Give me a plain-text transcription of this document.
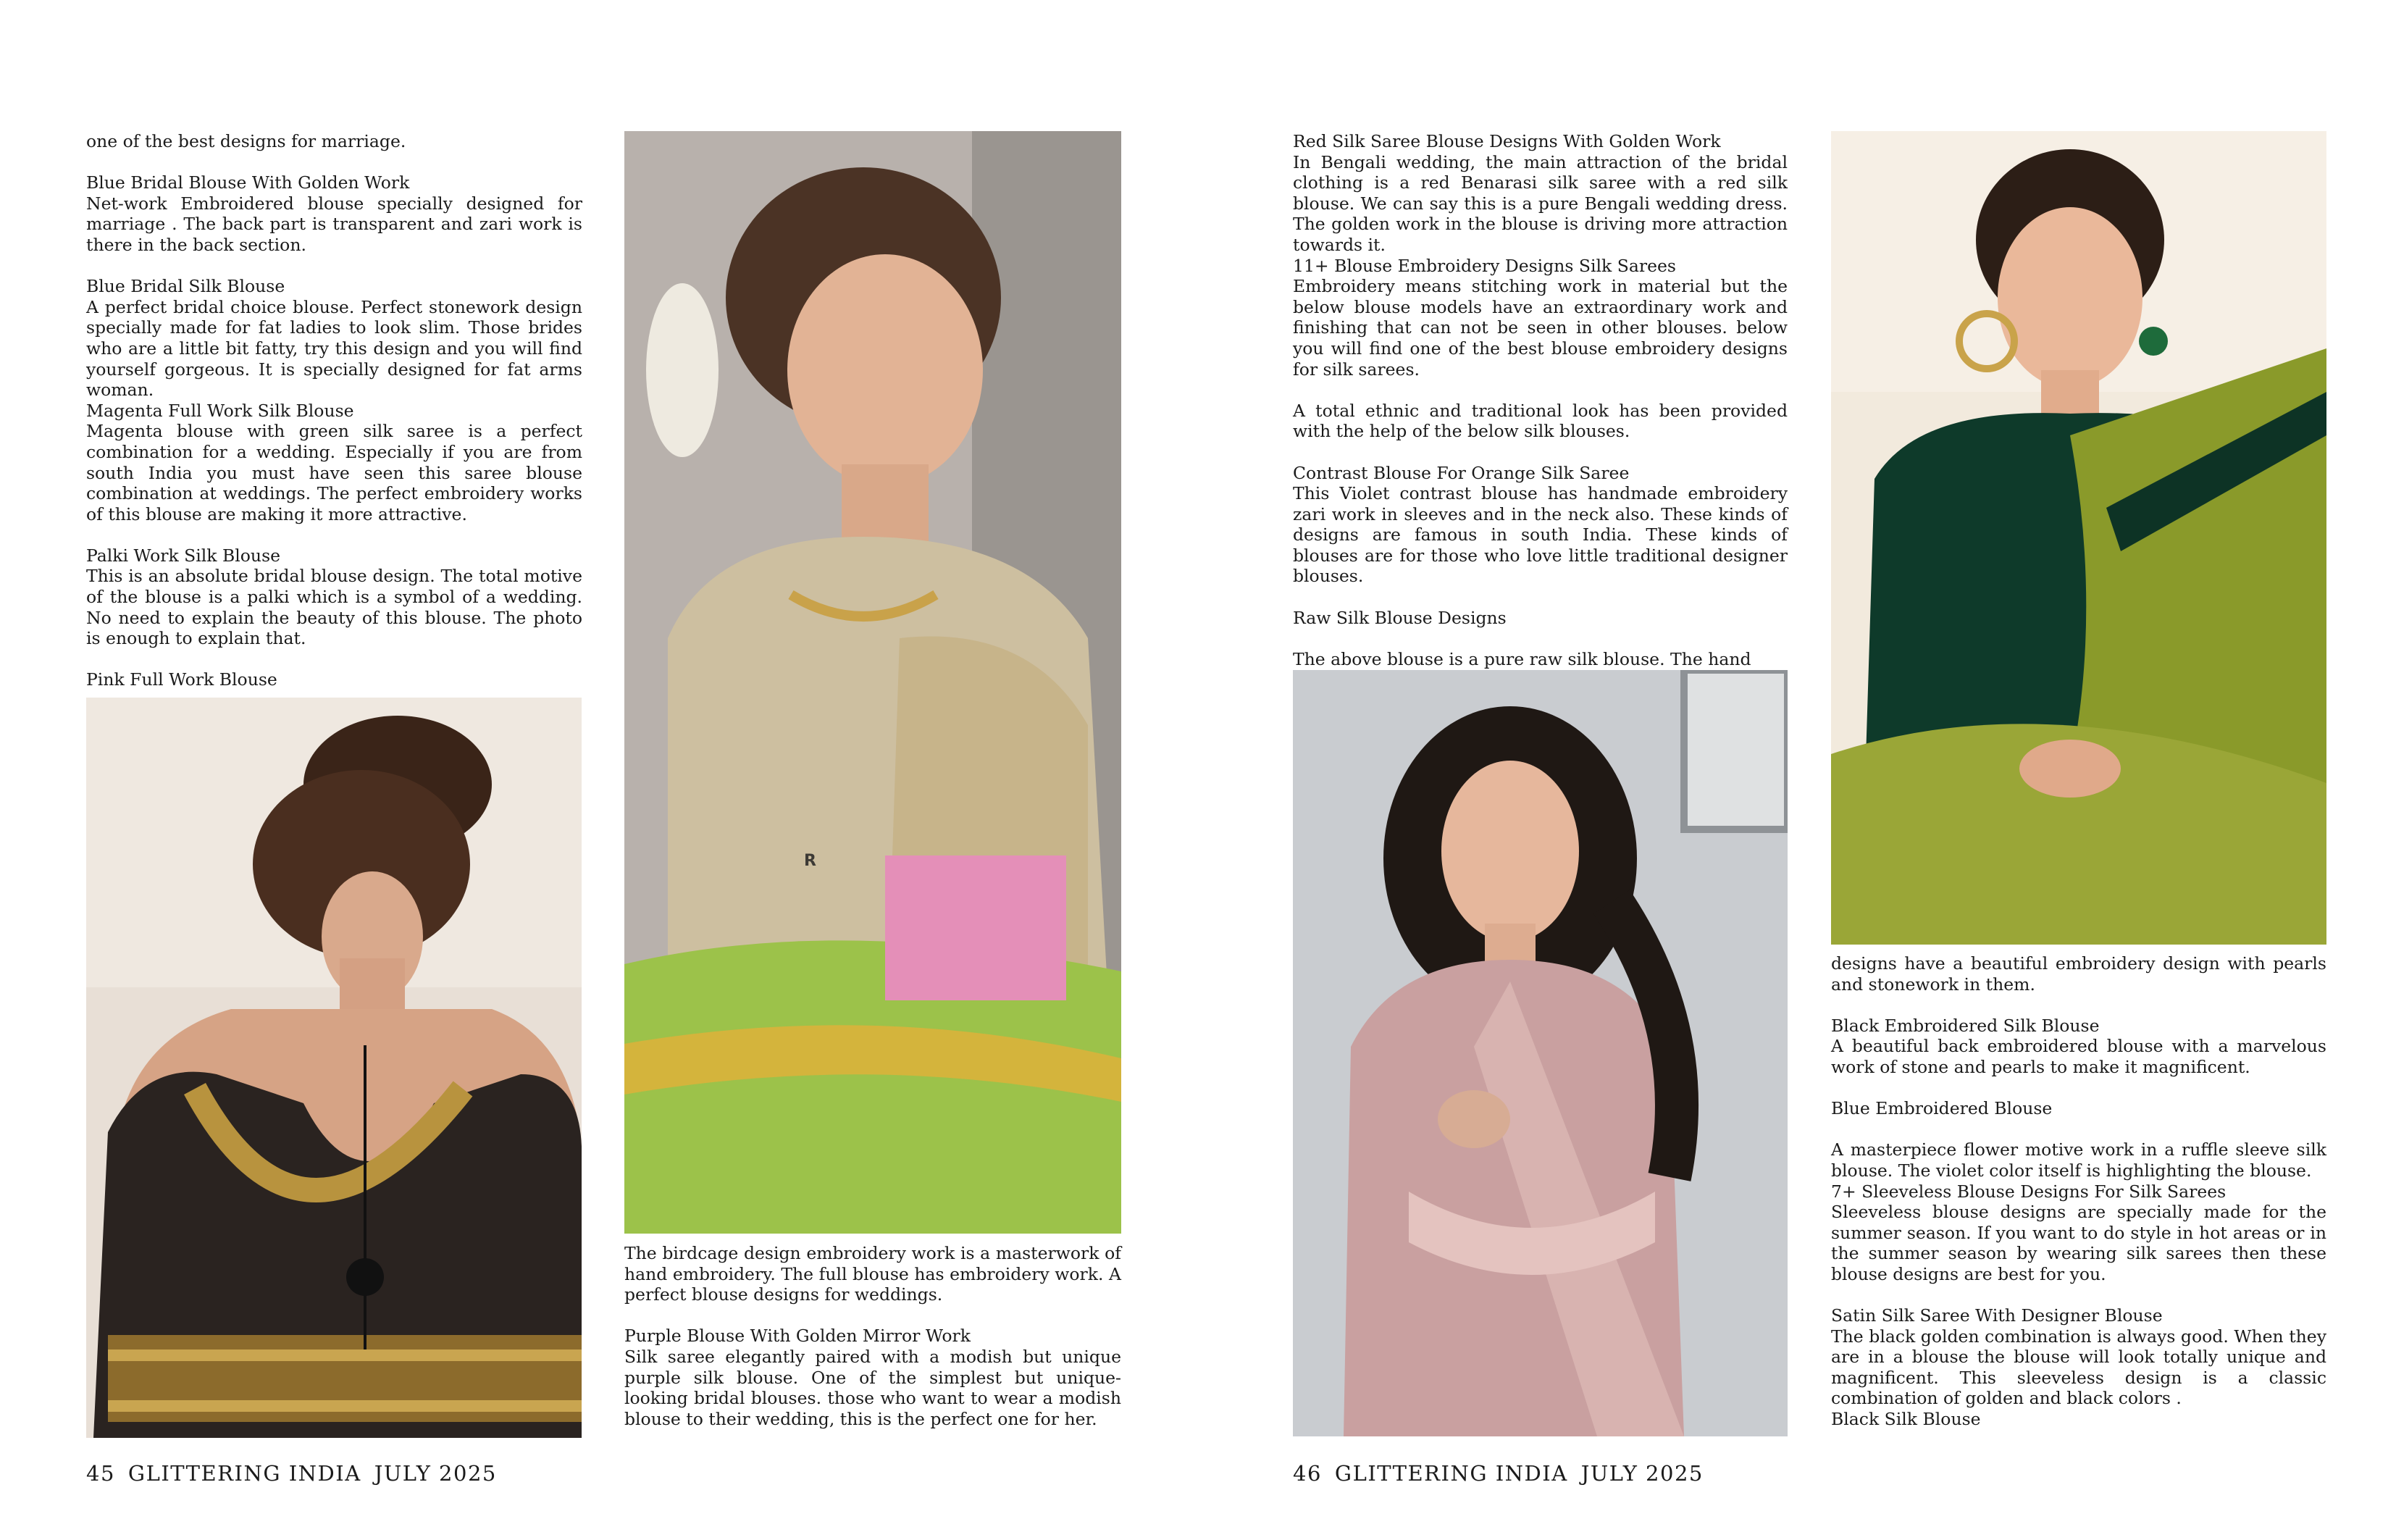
one of the best designs for marriage.

Blue Bridal Blouse With Golden Work

Net-work Embroidered blouse specially designed for marriage . The back part is transparent and zari work is there in the back section.

Blue Bridal Silk Blouse

A perfect bridal choice blouse. Perfect stonework design specially made for fat ladies to look slim. Those brides who are a little bit fatty, try this design and you will find yourself gorgeous. It is specially designed for fat arms woman.

Magenta Full Work Silk Blouse

Magenta blouse with green silk saree is a perfect combination for a wedding. Especially if you are from south India you must have seen this saree blouse combination at weddings. The perfect embroidery works of this blouse are making it more attractive.

Palki Work Silk Blouse

This is an absolute bridal blouse design. The total motive of the blouse is a palki which is a symbol of a wedding. No need to explain the beauty of this blouse. The photo is enough to explain that.

Pink Full Work Blouse

R

The birdcage design embroidery work is a masterwork of hand embroidery. The full blouse has embroidery work. A perfect blouse designs for weddings.

Purple Blouse With Golden Mirror Work

Silk saree elegantly paired with a modish but unique purple silk blouse. One of the simplest but unique-looking bridal blouses. those who want to wear a modish blouse to their wedding, this is the perfect one for her.

45 GLITTERING INDIA JULY 2025

Red Silk Saree Blouse Designs With Golden Work

In Bengali wedding, the main attraction of the bridal clothing is a red Benarasi silk saree with a red silk blouse. We can say this is a pure Bengali wedding dress. The golden work in the blouse is driving more attraction towards it.

11+ Blouse Embroidery Designs Silk Sarees

Embroidery means stitching work in material but the below blouse models have an extraordinary work and finishing that can not be seen in other blouses. below you will find one of the best blouse embroidery designs for silk sarees.

A total ethnic and traditional look has been provided with the help of the below silk blouses.

Contrast Blouse For Orange Silk Saree

This Violet contrast blouse has handmade embroidery zari work in sleeves and in the neck also. These kinds of designs are famous in south India. These kinds of blouses are for those who love little traditional designer blouses.

Raw Silk Blouse Designs

The above blouse is a pure raw silk blouse. The hand

designs have a beautiful embroidery design with pearls and stonework in them.

Black Embroidered Silk Blouse

A beautiful back embroidered blouse with a marvelous work of stone and pearls to make it magnificent.

Blue Embroidered Blouse

A masterpiece flower motive work in a ruffle sleeve silk blouse. The violet color itself is highlighting the blouse.

7+ Sleeveless Blouse Designs For Silk Sarees

Sleeveless blouse designs are specially made for the summer season. If you want to do style in hot areas or in the summer season by wearing silk sarees then these blouse designs are best for you.

Satin Silk Saree With Designer Blouse

The black golden combination is always good. When they are in a blouse the blouse will look totally unique and magnificent. This sleeveless design is a classic combination of golden and black colors .

Black Silk Blouse

46 GLITTERING INDIA JULY 2025
